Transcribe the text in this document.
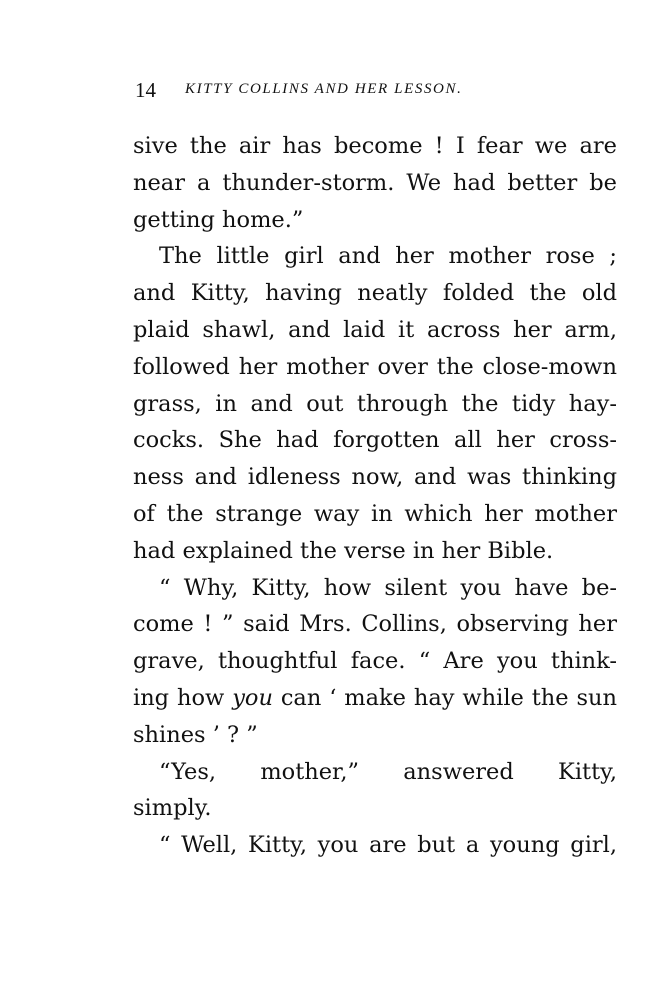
14 KITTY COLLINS AND HER LESSON.
sive the air has become ! I fear we are
near a thunder-storm. We had better be
getting home.”
The little girl and her mother rose ;
and Kitty, having neatly folded the old
plaid shawl, and laid it across her arm,
followed her mother over the close-mown
grass, in and out through the tidy hay-
cocks. She had forgotten all her cross-
ness and idleness now, and was thinking
of the strange way in which her mother
had explained the verse in her Bible.
“ Why, Kitty, how silent you have be-
come ! ” said Mrs. Collins, observing her
grave, thoughtful face. “ Are you think-
ing how you can ‘ make hay while the sun
shines ’ ? ”
“Yes, mother,” answered Kitty,
simply.
“ Well, Kitty, you are but a young girl,
